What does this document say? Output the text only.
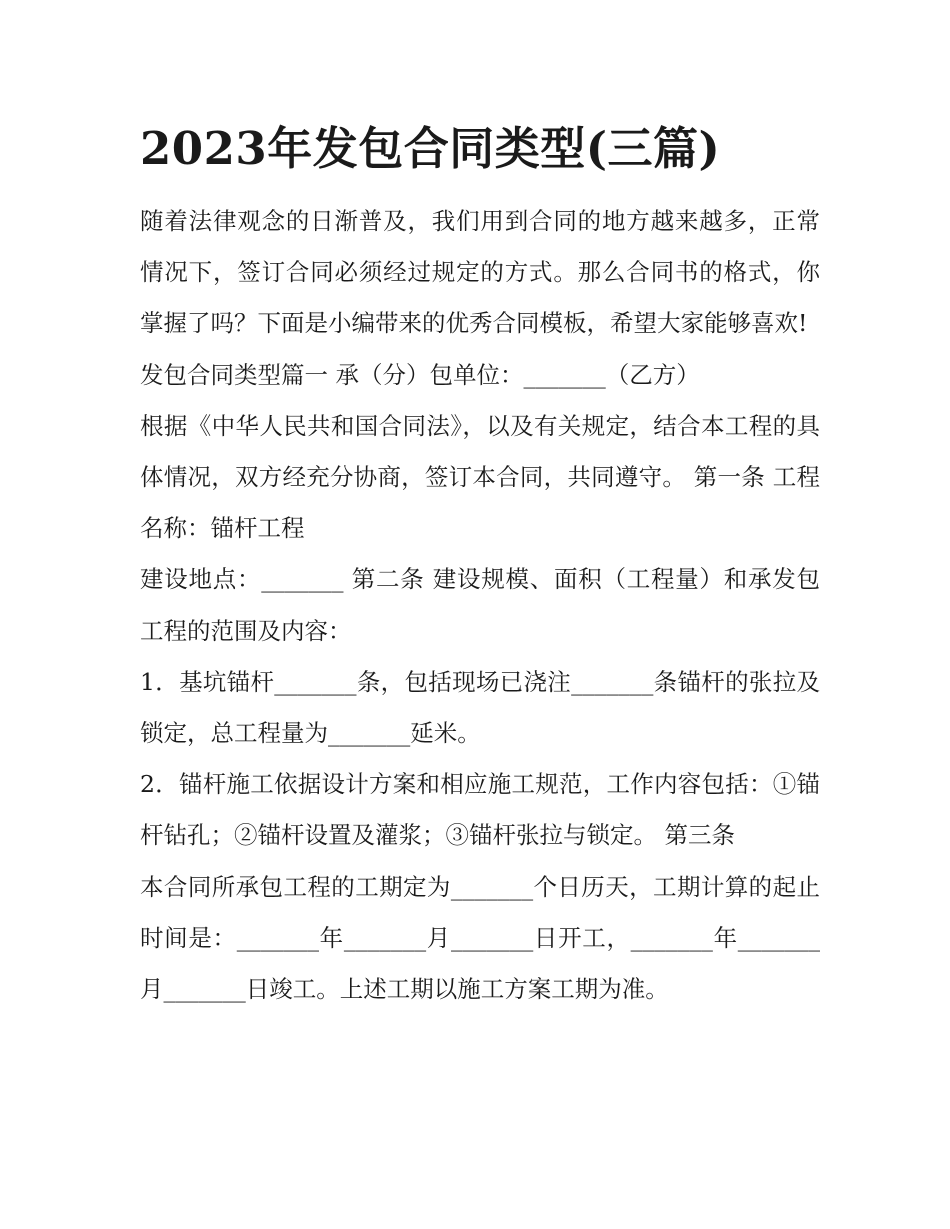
2023年发包合同类型(三篇)

随着法律观念的日渐普及，我们用到合同的地方越来越多，正常情况下，签订合同必须经过规定的方式。那么合同书的格式，你掌握了吗？下面是小编带来的优秀合同模板，希望大家能够喜欢!

发包合同类型篇一 承（分）包单位：_______（乙方）

根据《中华人民共和国合同法》，以及有关规定，结合本工程的具体情况，双方经充分协商，签订本合同，共同遵守。 第一条 工程名称：锚杆工程

建设地点：_______ 第二条 建设规模、面积（工程量）和承发包工程的范围及内容：

1．基坑锚杆_______条，包括现场已浇注_______条锚杆的张拉及锁定，总工程量为_______延米。

2．锚杆施工依据设计方案和相应施工规范，工作内容包括：①锚杆钻孔；②锚杆设置及灌浆；③锚杆张拉与锁定。 第三条

本合同所承包工程的工期定为_______个日历天，工期计算的起止时间是：_______年_______月_______日开工，_______年_______月_______日竣工。上述工期以施工方案工期为准。
